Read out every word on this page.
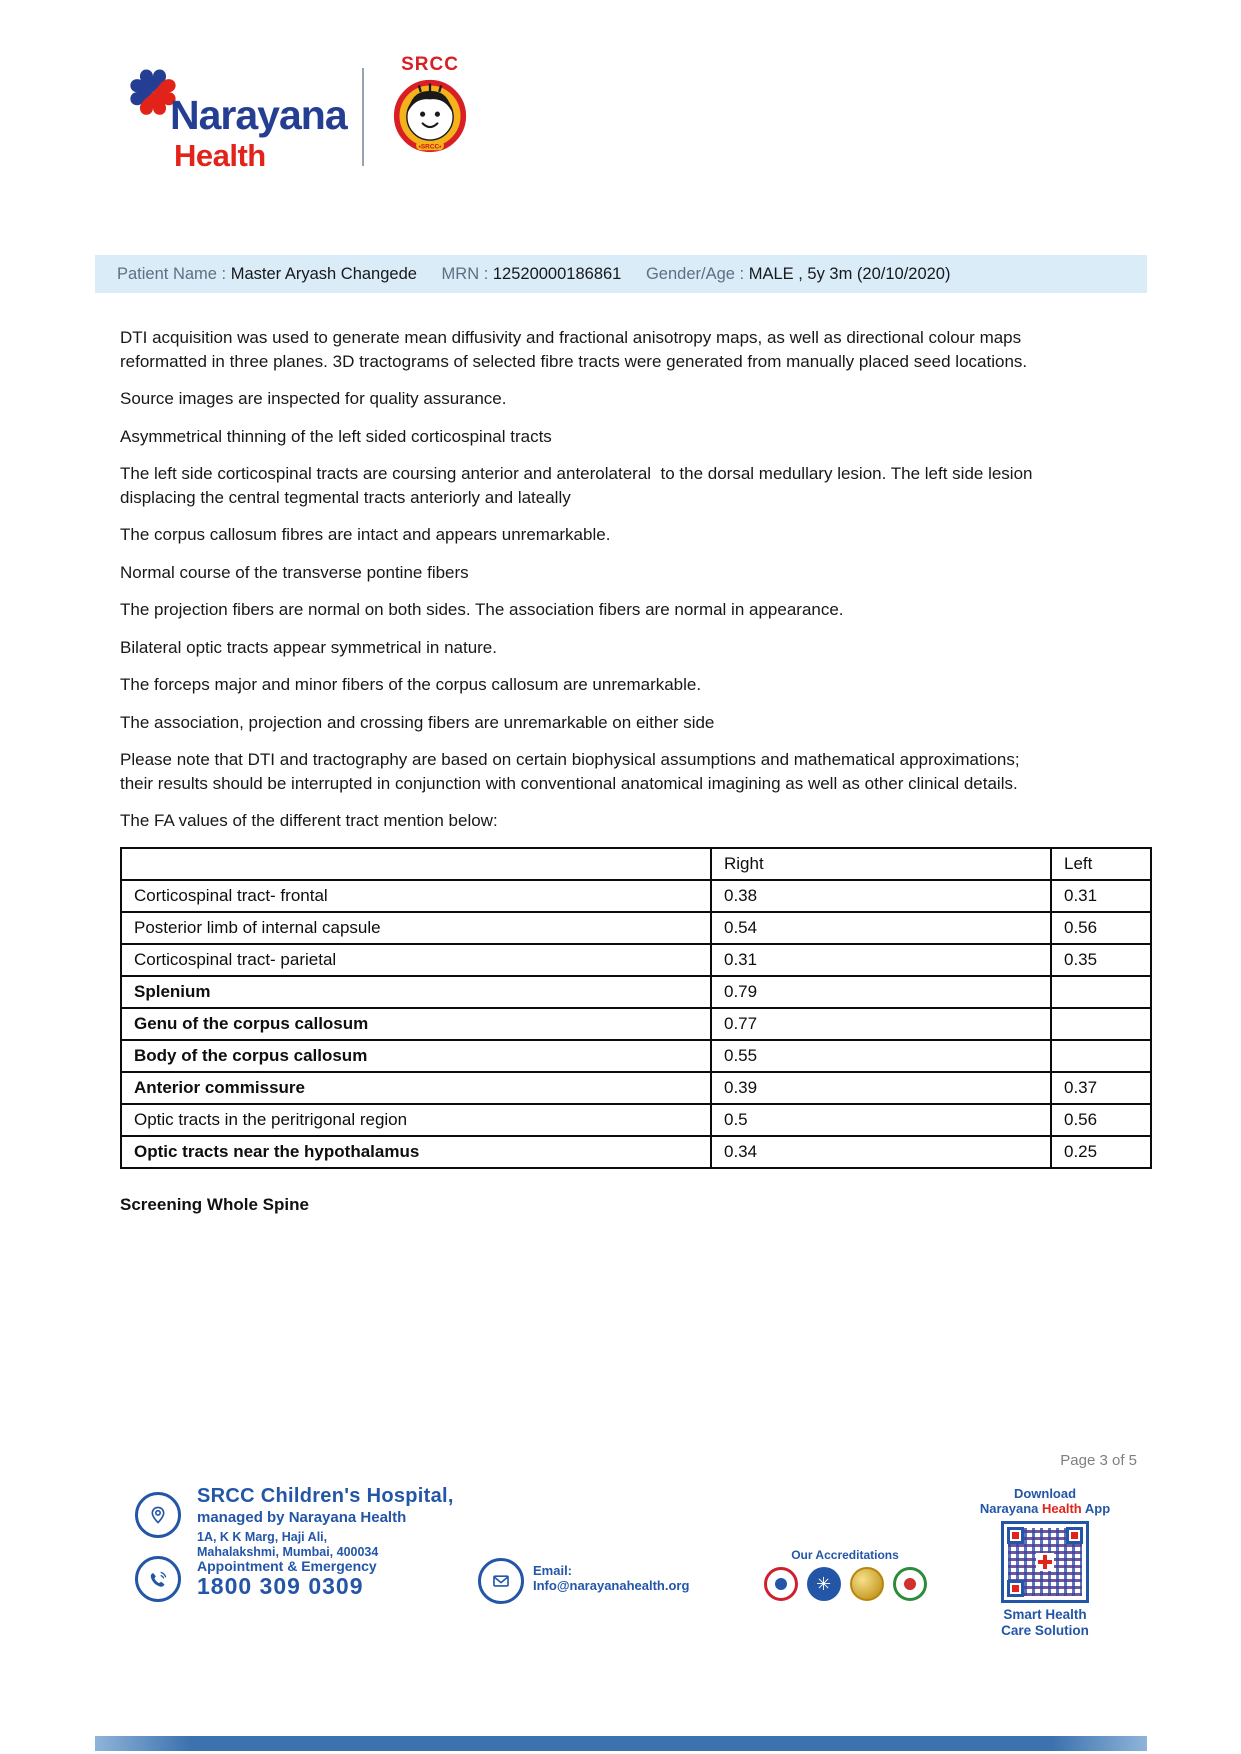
Narayana
Health
SRCC
•SRCC•
Patient Name : Master Aryash Changede MRN : 12520000186861 Gender/Age : MALE , 5y 3m (20/10/2020)

DTI acquisition was used to generate mean diffusivity and fractional anisotropy maps, as well as directional colour maps reformatted in three planes. 3D tractograms of selected fibre tracts were generated from manually placed seed locations.

Source images are inspected for quality assurance.

Asymmetrical thinning of the left sided corticospinal tracts

The left side corticospinal tracts are coursing anterior and anterolateral  to the dorsal medullary lesion. The left side lesion displacing the central tegmental tracts anteriorly and lateally

The corpus callosum fibres are intact and appears unremarkable.

Normal course of the transverse pontine fibers

The projection fibers are normal on both sides. The association fibers are normal in appearance.

Bilateral optic tracts appear symmetrical in nature.

The forceps major and minor fibers of the corpus callosum are unremarkable.

The association, projection and crossing fibers are unremarkable on either side

Please note that DTI and tractography are based on certain biophysical assumptions and mathematical approximations; their results should be interrupted in conjunction with conventional anatomical imagining as well as other clinical details.

The FA values of the different tract mention below:

	Right	Left
Corticospinal tract- frontal	0.38	0.31
Posterior limb of internal capsule	0.54	0.56
Corticospinal tract- parietal	0.31	0.35
Splenium	0.79	
Genu of the corpus callosum	0.77	
Body of the corpus callosum	0.55	
Anterior commissure	0.39	0.37
Optic tracts in the peritrigonal region	0.5	0.56
Optic tracts near the hypothalamus	0.34	0.25
Screening Whole Spine
Page 3 of 5
SRCC Children's Hospital,
managed by Narayana Health
1A, K K Marg, Haji Ali,
Mahalakshmi, Mumbai, 400034
Appointment & Emergency
1800 309 0309
Email:
Info@narayanahealth.org
Our Accreditations
✳
Download
Narayana Health App
Smart Health
Care Solution
